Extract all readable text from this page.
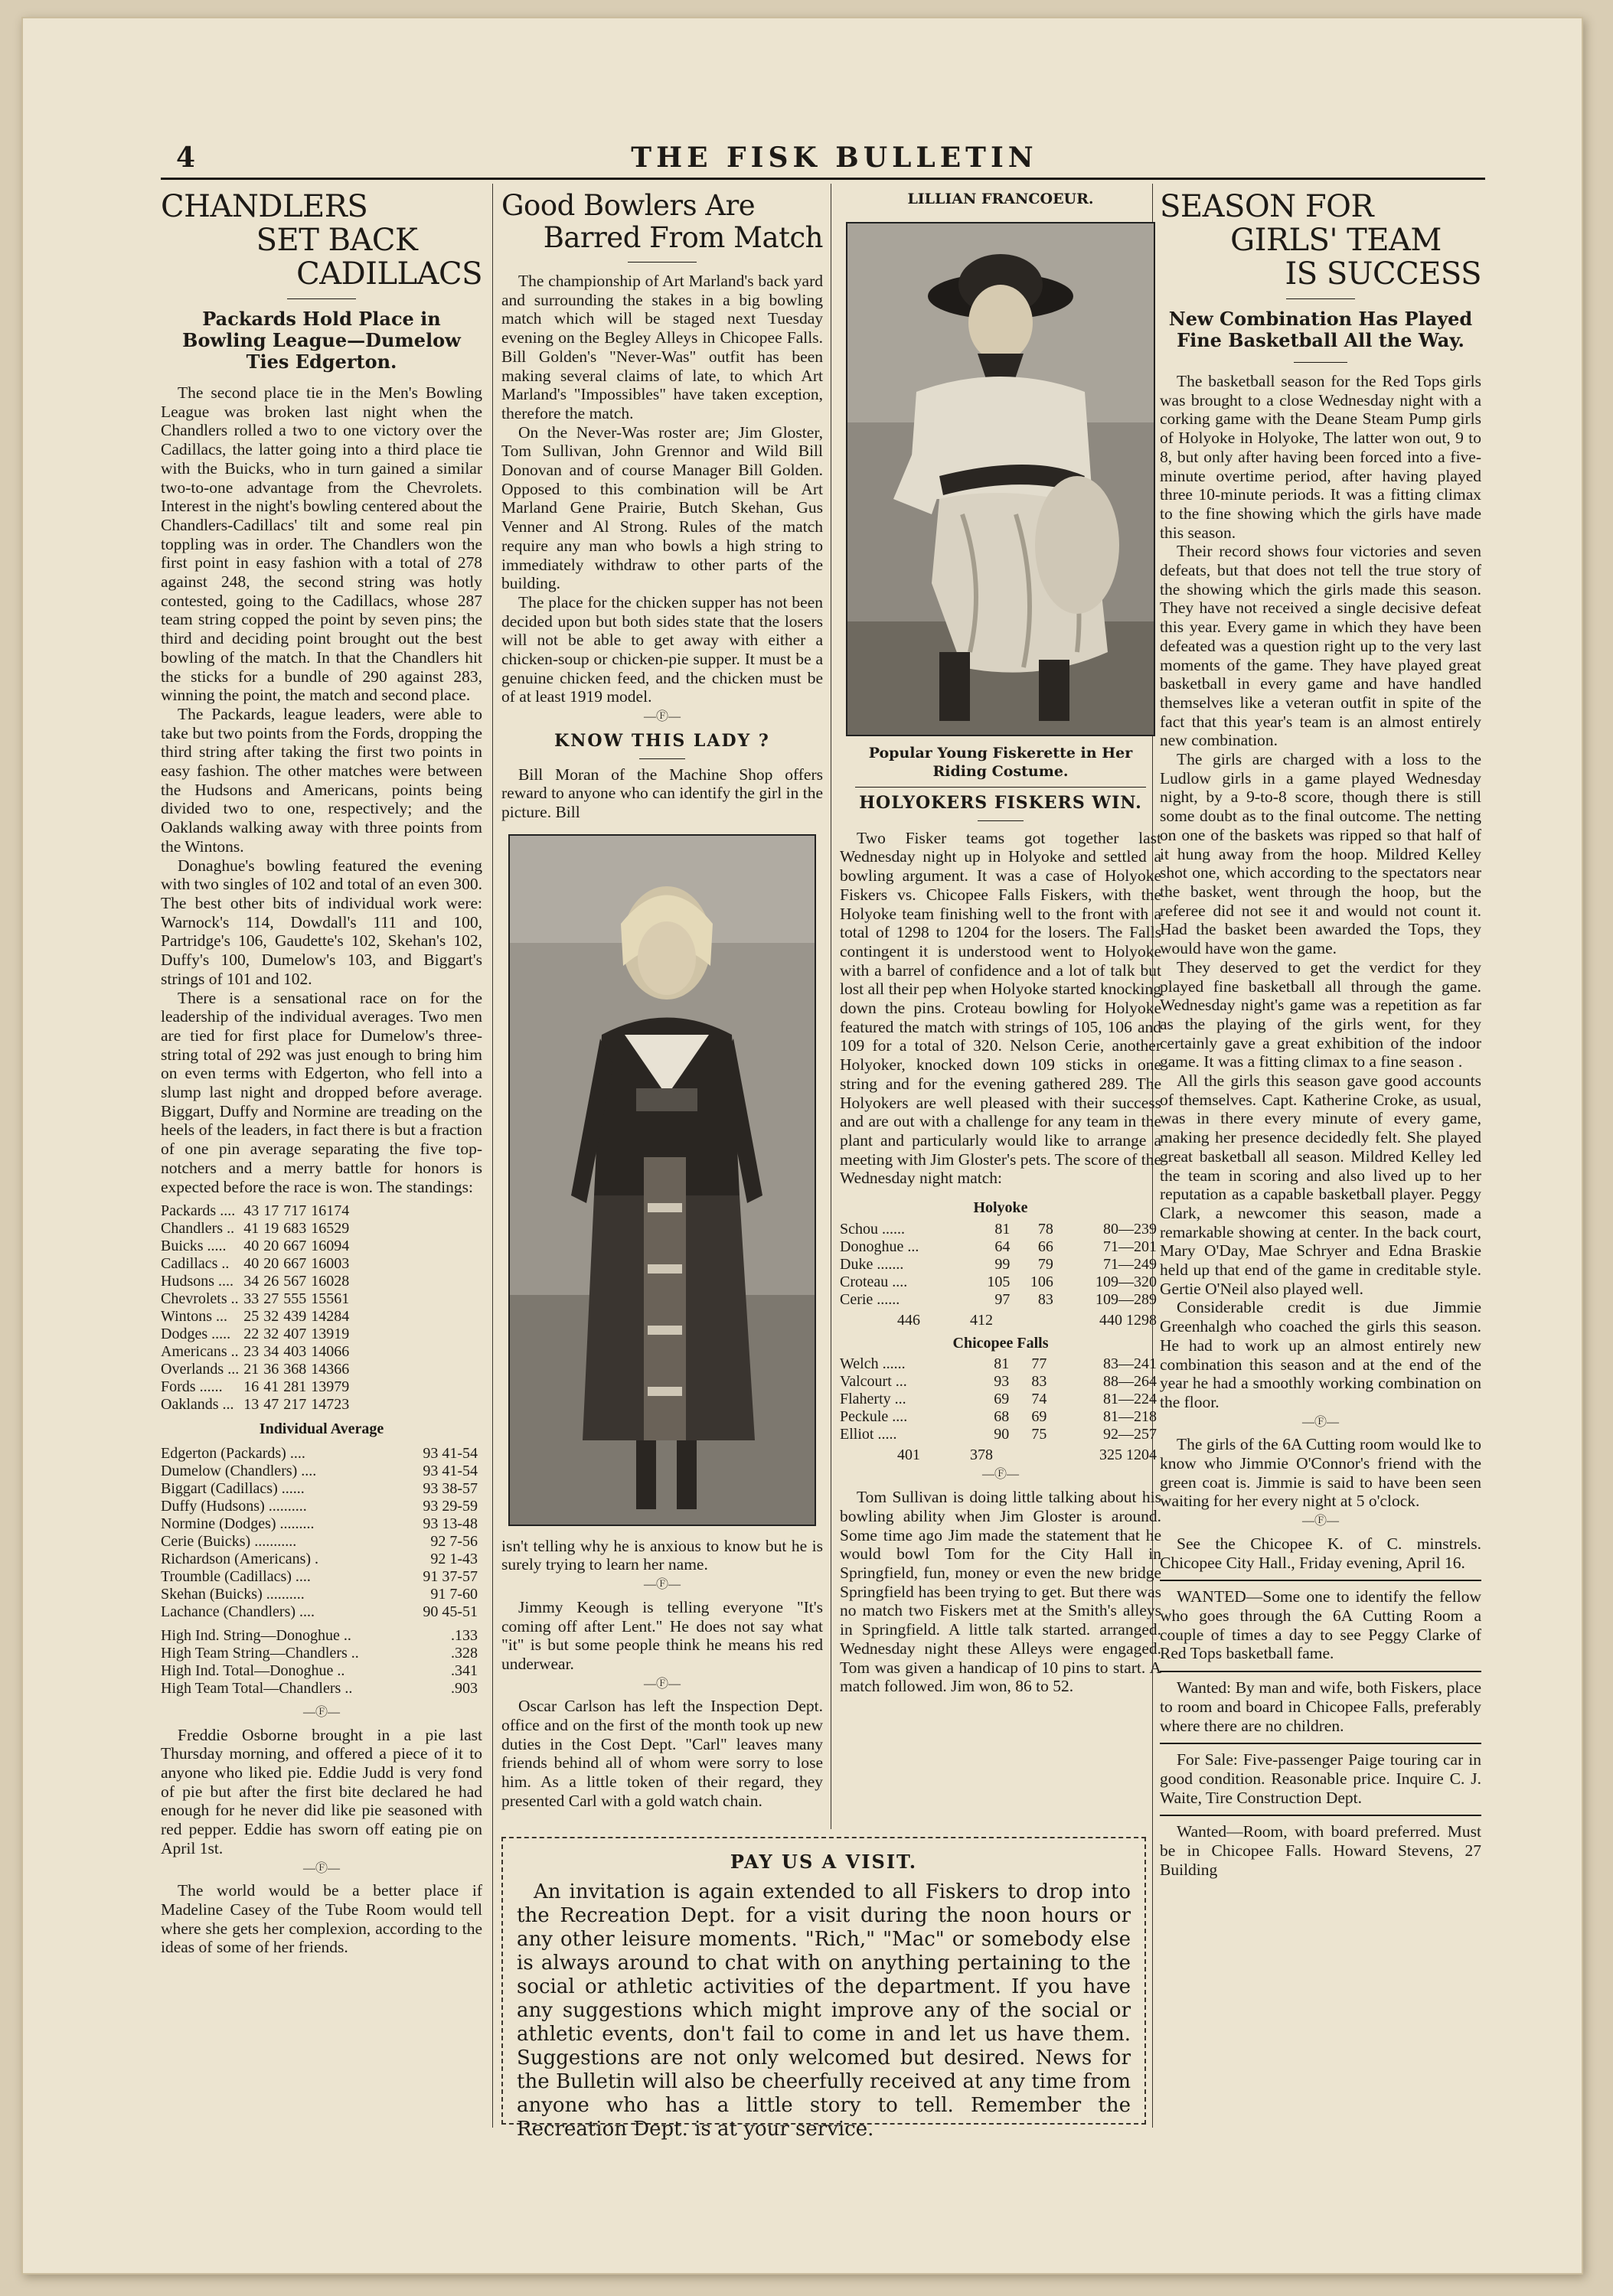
4	THE FISK BULLETIN
CHANDLERS
SET BACK
CADILLACS
Packards Hold Place in Bowling League—Dumelow Ties Edgerton.

The second place tie in the Men's Bowling League was broken last night when the Chandlers rolled a two to one victory over the Cadillacs, the latter going into a third place tie with the Buicks, who in turn gained a similar two-to-one advantage from the Chevrolets. Interest in the night's bowling centered about the Chandlers-Cadillacs' tilt and some real pin toppling was in order. The Chandlers won the first point in easy fashion with a total of 278 against 248, the second string was hotly contested, going to the Cadillacs, whose 287 team string copped the point by seven pins; the third and deciding point brought out the best bowling of the match. In that the Chandlers hit the sticks for a bundle of 290 against 283, winning the point, the match and second place.

The Packards, league leaders, were able to take but two points from the Fords, dropping the third string after taking the first two points in easy fashion. The other matches were between the Hudsons and Americans, points being divided two to one, respectively; and the Oaklands walking away with three points from the Wintons.

Donaghue's bowling featured the evening with two singles of 102 and total of an even 300. The best other bits of individual work were: Warnock's 114, Dowdall's 111 and 100, Partridge's 106, Gaudette's 102, Skehan's 102, Duffy's 100, Dumelow's 103, and Biggart's strings of 101 and 102.

There is a sensational race on for the leadership of the individual averages. Two men are tied for first place for Dumelow's three-string total of 292 was just enough to bring him on even terms with Edgerton, who fell into a slump last night and dropped before average. Biggart, Duffy and Normine are treading on the heels of the leaders, in fact there is but a fraction of one pin average separating the five top-notchers and a merry battle for honors is expected before the race is won. The standings:

Packards ....	43	17	717	16174
Chandlers ..	41	19	683	16529
Buicks .....	40	20	667	16094
Cadillacs ..	40	20	667	16003
Hudsons ....	34	26	567	16028
Chevrolets ..	33	27	555	15561
Wintons ...	25	32	439	14284
Dodges .....	22	32	407	13919
Americans ..	23	34	403	14066
Overlands ...	21	36	368	14366
Fords ......	16	41	281	13979
Oaklands ...	13	47	217	14723
Individual Average
Edgerton (Packards) ....	93 41-54
Dumelow (Chandlers) ....	93 41-54
Biggart (Cadillacs) ......	93 38-57
Duffy (Hudsons) ..........	93 29-59
Normine (Dodges) .........	93 13-48
Cerie (Buicks) ...........	92 7-56
Richardson (Americans) .	92 1-43
Troumble (Cadillacs) ....	91 37-57
Skehan (Buicks) ..........	91 7-60
Lachance (Chandlers) ....	90 45-51
High Ind. String—Donoghue ..	.133
High Team String—Chandlers ..	.328
High Ind. Total—Donoghue ..	.341
High Team Total—Chandlers ..	.903
—Ⓕ—

Freddie Osborne brought in a pie last Thursday morning, and offered a piece of it to anyone who liked pie. Eddie Judd is very fond of pie but after the first bite declared he had enough for he never did like pie seasoned with red pepper. Eddie has sworn off eating pie on April 1st.

—Ⓕ—

The world would be a better place if Madeline Casey of the Tube Room would tell where she gets her complexion, according to the ideas of some of her friends.

Good Bowlers Are
Barred From Match

The championship of Art Marland's back yard and surrounding the stakes in a big bowling match which will be staged next Tuesday evening on the Begley Alleys in Chicopee Falls. Bill Golden's "Never-Was" outfit has been making several claims of late, to which Art Marland's "Impossibles" have taken exception, therefore the match.

On the Never-Was roster are; Jim Gloster, Tom Sullivan, John Grennor and Wild Bill Donovan and of course Manager Bill Golden. Opposed to this combination will be Art Marland Gene Prairie, Butch Skehan, Gus Venner and Al Strong. Rules of the match require any man who bowls a high string to immediately withdraw to other parts of the building.

The place for the chicken supper has not been decided upon but both sides state that the losers will not be able to get away with either a chicken-soup or chicken-pie supper. It must be a genuine chicken feed, and the chicken must be of at least 1919 model.

—Ⓕ—
KNOW THIS LADY ?

Bill Moran of the Machine Shop offers reward to anyone who can identify the girl in the picture. Bill

isn't telling why he is anxious to know but he is surely trying to learn her name.

—Ⓕ—

Jimmy Keough is telling everyone "It's coming off after Lent." He does not say what "it" is but some people think he means his red underwear.

—Ⓕ—

Oscar Carlson has left the Inspection Dept. office and on the first of the month took up new duties in the Cost Dept. "Carl" leaves many friends behind all of whom were sorry to lose him. As a little token of their regard, they presented Carl with a gold watch chain.

LILLIAN FRANCOEUR.
Popular Young Fiskerette in Her Riding Costume.
HOLYOKERS FISKERS WIN.

Two Fisker teams got together last Wednesday night up in Holyoke and settled a bowling argument. It was a case of Holyoke Fiskers vs. Chicopee Falls Fiskers, with the Holyoke team finishing well to the front with a total of 1298 to 1204 for the losers. The Falls contingent it is understood went to Holyoke with a barrel of confidence and a lot of talk but lost all their pep when Holyoke started knocking down the pins. Croteau bowling for Holyoke featured the match with strings of 105, 106 and 109 for a total of 320. Nelson Cerie, another Holyoker, knocked down 109 sticks in one string and for the evening gathered 289. The Holyokers are well pleased with their success and are out with a challenge for any team in the plant and particularly would like to arrange a meeting with Jim Gloster's pets. The score of the Wednesday night match:

Holyoke
Schou ......	81	78	80—239
Donoghue ...	64	66	71—201
Duke .......	99	79	71—249
Croteau ....	105	106	109—320
Cerie ......	97	83	109—289
	446	412	440 1298
Chicopee Falls
Welch ......	81	77	83—241
Valcourt ...	93	83	88—264
Flaherty ...	69	74	81—224
Peckule ....	68	69	81—218
Elliot .....	90	75	92—257
	401	378	325 1204
—Ⓕ—

Tom Sullivan is doing little talking about his bowling ability when Jim Gloster is around. Some time ago Jim made the statement that he would bowl Tom for the City Hall in Springfield, fun, money or even the new bridge Springfield has been trying to get. But there was no match two Fiskers met at the Smith's alleys in Springfield. A little talk started. arranged. Wednesday night these Alleys were engaged. Tom was given a handicap of 10 pins to start. A match followed. Jim won, 86 to 52.

SEASON FOR
GIRLS' TEAM
IS SUCCESS
New Combination Has Played Fine Basketball All the Way.

The basketball season for the Red Tops girls was brought to a close Wednesday night with a corking game with the Deane Steam Pump girls of Holyoke in Holyoke, The latter won out, 9 to 8, but only after having been forced into a five-minute overtime period, after having played three 10-minute periods. It was a fitting climax to the fine showing which the girls have made this season.

Their record shows four victories and seven defeats, but that does not tell the true story of the showing which the girls made this season. They have not received a single decisive defeat this year. Every game in which they have been defeated was a question right up to the very last moments of the game. They have played great basketball in every game and have handled themselves like a veteran outfit in spite of the fact that this year's team is an almost entirely new combination.

The girls are charged with a loss to the Ludlow girls in a game played Wednesday night, by a 9-to-8 score, though there is still some doubt as to the final outcome. The netting on one of the baskets was ripped so that half of it hung away from the hoop. Mildred Kelley shot one, which according to the spectators near the basket, went through the hoop, but the referee did not see it and would not count it. Had the basket been awarded the Tops, they would have won the game.

They deserved to get the verdict for they played fine basketball all through the game. Wednesday night's game was a repetition as far as the playing of the girls went, for they certainly gave a great exhibition of the indoor game. It was a fitting climax to a fine season .

All the girls this season gave good accounts of themselves. Capt. Katherine Croke, as usual, was in there every minute of every game, making her presence decidedly felt. She played great basketball all season. Mildred Kelley led the team in scoring and also lived up to her reputation as a capable basketball player. Peggy Clark, a newcomer this season, made a remarkable showing at center. In the back court, Mary O'Day, Mae Schryer and Edna Braskie held up that end of the game in creditable style. Gertie O'Neil also played well.

Considerable credit is due Jimmie Greenhalgh who coached the girls this season. He had to work up an almost entirely new combination this season and at the end of the year he had a smoothly working combination on the floor.

—Ⓕ—

The girls of the 6A Cutting room would lke to know who Jimmie O'Connor's friend with the green coat is. Jimmie is said to have been seen waiting for her every night at 5 o'clock.

—Ⓕ—

See the Chicopee K. of C. minstrels. Chicopee City Hall., Friday evening, April 16.

WANTED—Some one to identify the fellow who goes through the 6A Cutting Room a couple of times a day to see Peggy Clarke of Red Tops basketball fame.

Wanted: By man and wife, both Fiskers, place to room and board in Chicopee Falls, preferably where there are no children.

For Sale: Five-passenger Paige touring car in good condition. Reasonable price. Inquire C. J. Waite, Tire Construction Dept.

Wanted—Room, with board preferred. Must be in Chicopee Falls. Howard Stevens, 27 Building

PAY US A VISIT.

An invitation is again extended to all Fiskers to drop into the Recreation Dept. for a visit during the noon hours or any other leisure moments. "Rich," "Mac" or somebody else is always around to chat with on anything pertaining to the social or athletic activities of the department. If you have any suggestions which might improve any of the social or athletic events, don't fail to come in and let us have them. Suggestions are not only welcomed but desired. News for the Bulletin will also be cheerfully received at any time from anyone who has a little story to tell. Remember the Recreation Dept. is at your service.
